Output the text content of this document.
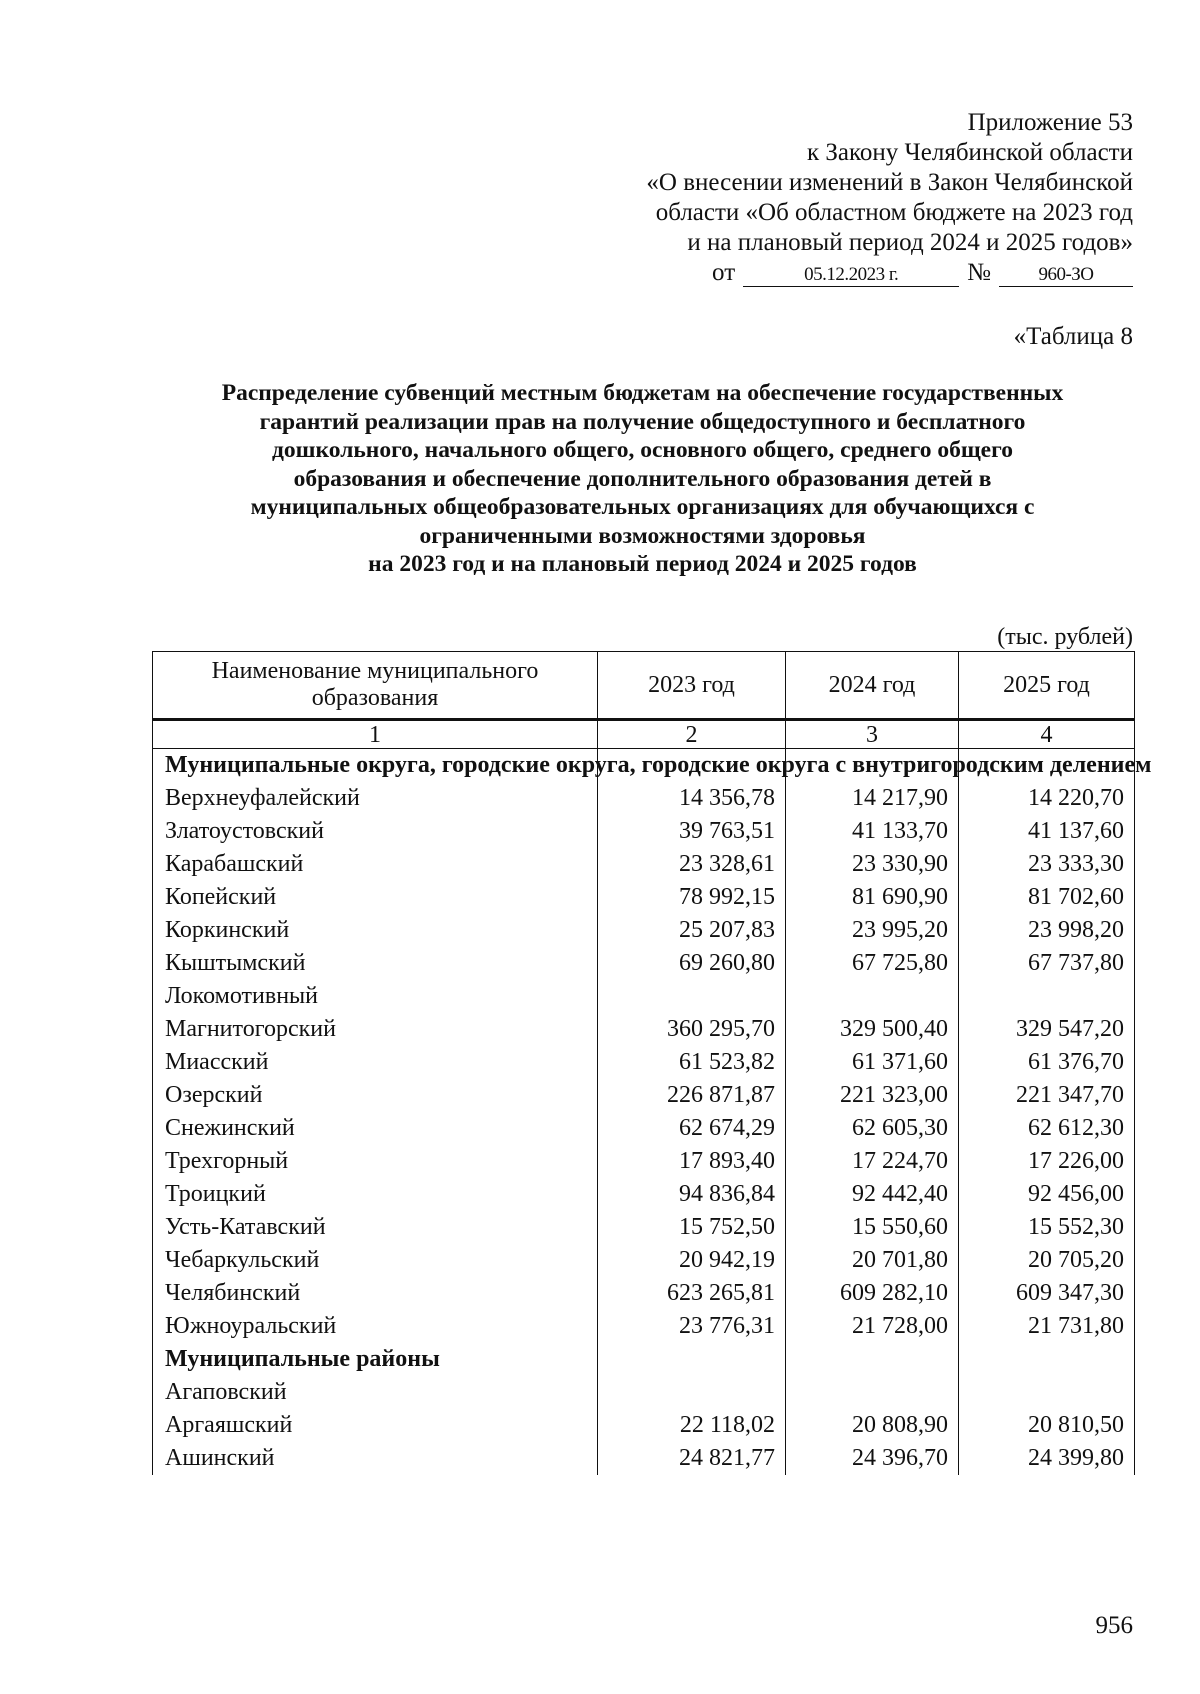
Приложение 53
к Закону Челябинской области
«О внесении изменений в Закон Челябинской
области «Об областном бюджете на 2023 год
и на плановый период 2024 и 2025 годов»
от	05.12.2023 г.	№	960-ЗО
«Таблица 8
Распределение субвенций местным бюджетам на обеспечение государственных
гарантий реализации прав на получение общедоступного и бесплатного
дошкольного, начального общего, основного общего, среднего общего
образования и обеспечение дополнительного образования детей в
муниципальных общеобразовательных организациях для обучающихся с
ограниченными возможностями здоровья
на 2023 год и на плановый период 2024 и 2025 годов
(тыс. рублей)
Наименование муниципального образования	2023 год	2024 год	2025 год
1	2	3	4
Муниципальные округа, городские округа, городские округа с внутригородским делением			
Верхнеуфалейский	14 356,78	14 217,90	14 220,70
Златоустовский	39 763,51	41 133,70	41 137,60
Карабашский	23 328,61	23 330,90	23 333,30
Копейский	78 992,15	81 690,90	81 702,60
Коркинский	25 207,83	23 995,20	23 998,20
Кыштымский	69 260,80	67 725,80	67 737,80
Локомотивный			
Магнитогорский	360 295,70	329 500,40	329 547,20
Миасский	61 523,82	61 371,60	61 376,70
Озерский	226 871,87	221 323,00	221 347,70
Снежинский	62 674,29	62 605,30	62 612,30
Трехгорный	17 893,40	17 224,70	17 226,00
Троицкий	94 836,84	92 442,40	92 456,00
Усть-Катавский	15 752,50	15 550,60	15 552,30
Чебаркульский	20 942,19	20 701,80	20 705,20
Челябинский	623 265,81	609 282,10	609 347,30
Южноуральский	23 776,31	21 728,00	21 731,80
Муниципальные районы			
Агаповский			
Аргаяшский	22 118,02	20 808,90	20 810,50
Ашинский	24 821,77	24 396,70	24 399,80
956
